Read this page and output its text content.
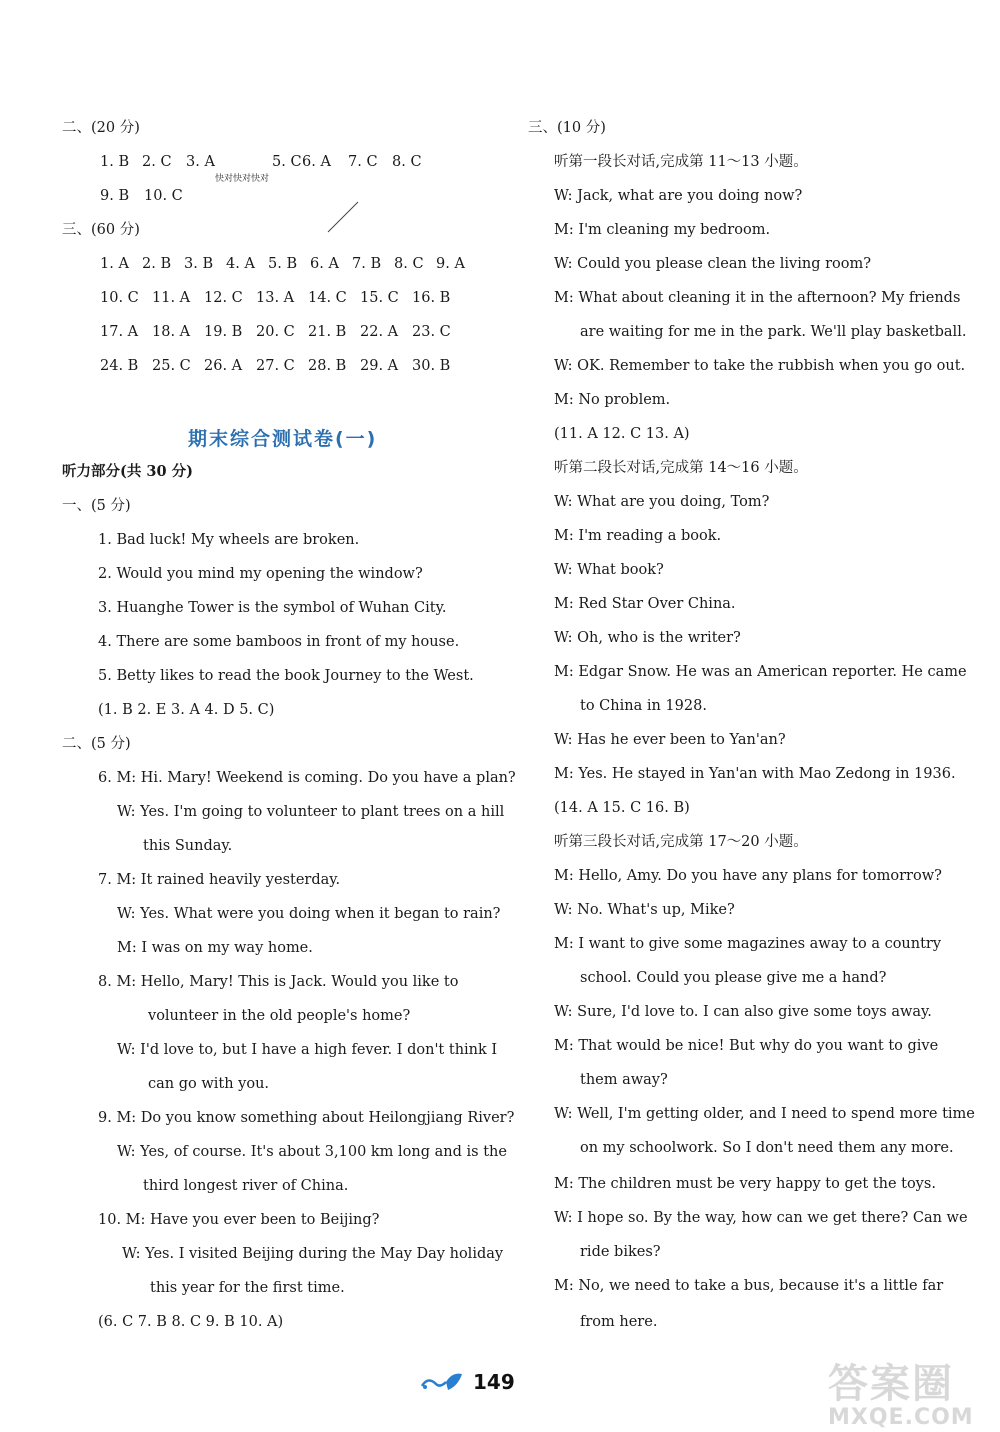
二、(20 分)
1. B 2. C 3. A	5. C 6. A	7. C 8. C
快对快对快对
9. B	10. C
三、(60 分)
1. A 2. B 3. B 4. A 5. B 6. A 7. B 8. C 9. A
10. C 11. A 12. C 13. A 14. C 15. C 16. B
17. A 18. A 19. B 20. C 21. B 22. A 23. C
24. B 25. C 26. A 27. C 28. B 29. A 30. B
期末综合测试卷(一)
听力部分(共 30 分)
一、(5 分)
1. Bad luck! My wheels are broken.
2. Would you mind my opening the window?
3. Huanghe Tower is the symbol of Wuhan City.
4. There are some bamboos in front of my house.
5. Betty likes to read the book Journey to the West.
(1. B 2. E 3. A 4. D 5. C)
二、(5 分)
6. M: Hi. Mary! Weekend is coming. Do you have a plan?
W: Yes. I'm going to volunteer to plant trees on a hill
this Sunday.
7. M: It rained heavily yesterday.
W: Yes. What were you doing when it began to rain?
M: I was on my way home.
8. M: Hello, Mary! This is Jack. Would you like to
volunteer in the old people's home?
W: I'd love to, but I have a high fever. I don't think I
can go with you.
9. M: Do you know something about Heilongjiang River?
W: Yes, of course. It's about 3,100 km long and is the
third longest river of China.
10. M: Have you ever been to Beijing?
W: Yes. I visited Beijing during the May Day holiday
this year for the first time.
(6. C 7. B 8. C 9. B 10. A)
三、(10 分)
听第一段长对话,完成第 11～13 小题。
W: Jack, what are you doing now?
M: I'm cleaning my bedroom.
W: Could you please clean the living room?
M: What about cleaning it in the afternoon? My friends
are waiting for me in the park. We'll play basketball.
W: OK. Remember to take the rubbish when you go out.
M: No problem.
(11. A 12. C 13. A)
听第二段长对话,完成第 14～16 小题。
W: What are you doing, Tom?
M: I'm reading a book.
W: What book?
M: Red Star Over China.
W: Oh, who is the writer?
M: Edgar Snow. He was an American reporter. He came
to China in 1928.
W: Has he ever been to Yan'an?
M: Yes. He stayed in Yan'an with Mao Zedong in 1936.
(14. A 15. C 16. B)
听第三段长对话,完成第 17～20 小题。
M: Hello, Amy. Do you have any plans for tomorrow?
W: No. What's up, Mike?
M: I want to give some magazines away to a country
school. Could you please give me a hand?
W: Sure, I'd love to. I can also give some toys away.
M: That would be nice! But why do you want to give
them away?
W: Well, I'm getting older, and I need to spend more time
on my schoolwork. So I don't need them any more.
M: The children must be very happy to get the toys.
W: I hope so. By the way, how can we get there? Can we
ride bikes?
M: No, we need to take a bus, because it's a little far
from here.
149	答案圈
MXQE.COM
